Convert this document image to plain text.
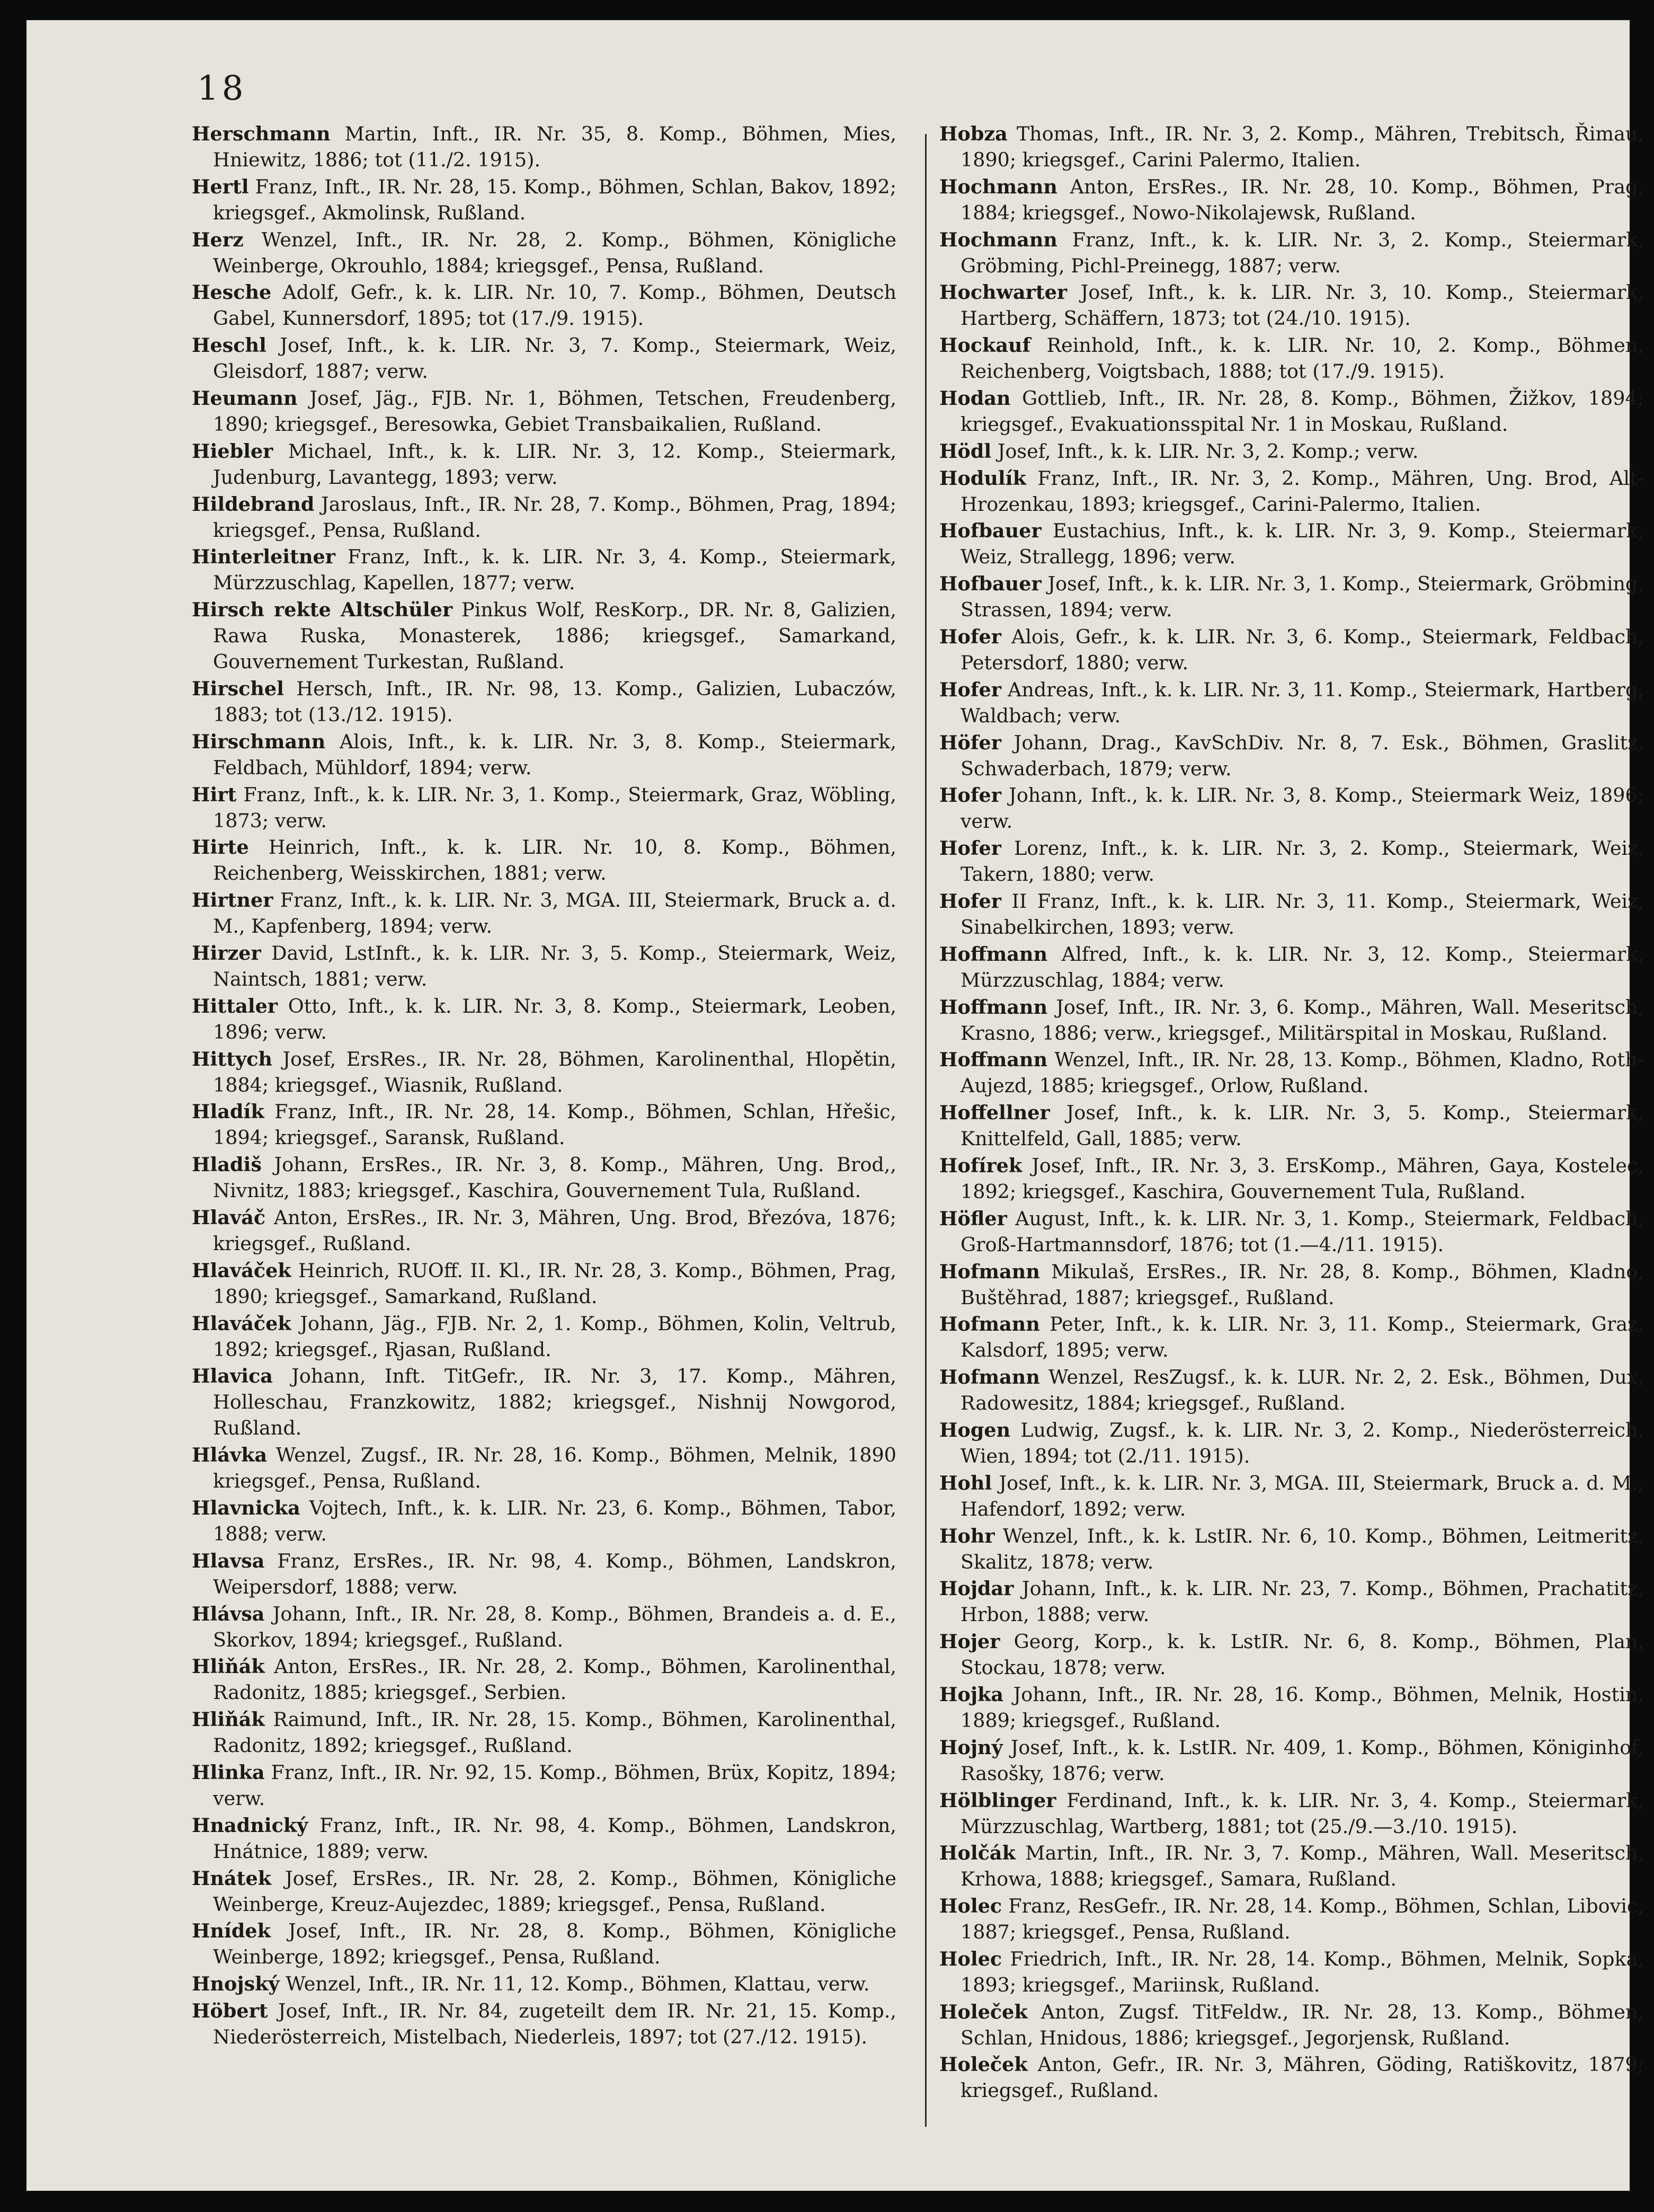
18

Herschmann Martin, Inft., IR. Nr. 35, 8. Komp., Böhmen, Mies, Hniewitz, 1886; tot (11./2. 1915).

Hertl Franz, Inft., IR. Nr. 28, 15. Komp., Böhmen, Schlan, Bakov, 1892; kriegsgef., Akmolinsk, Rußland.

Herz Wenzel, Inft., IR. Nr. 28, 2. Komp., Böhmen, Königliche Weinberge, Okrouhlo, 1884; kriegsgef., Pensa, Rußland.

Hesche Adolf, Gefr., k. k. LIR. Nr. 10, 7. Komp., Böhmen, Deutsch Gabel, Kunnersdorf, 1895; tot (17./9. 1915).

Heschl Josef, Inft., k. k. LIR. Nr. 3, 7. Komp., Steiermark, Weiz, Gleisdorf, 1887; verw.

Heumann Josef, Jäg., FJB. Nr. 1, Böhmen, Tetschen, Freudenberg, 1890; kriegsgef., Beresowka, Gebiet Transbaikalien, Rußland.

Hiebler Michael, Inft., k. k. LIR. Nr. 3, 12. Komp., Steiermark, Judenburg, Lavantegg, 1893; verw.

Hildebrand Jaroslaus, Inft., IR. Nr. 28, 7. Komp., Böhmen, Prag, 1894; kriegsgef., Pensa, Rußland.

Hinterleitner Franz, Inft., k. k. LIR. Nr. 3, 4. Komp., Steiermark, Mürzzuschlag, Kapellen, 1877; verw.

Hirsch rekte Altschüler Pinkus Wolf, ResKorp., DR. Nr. 8, Galizien, Rawa Ruska, Monasterek, 1886; kriegsgef., Samarkand, Gouvernement Turkestan, Rußland.

Hirschel Hersch, Inft., IR. Nr. 98, 13. Komp., Galizien, Lubaczów, 1883; tot (13./12. 1915).

Hirschmann Alois, Inft., k. k. LIR. Nr. 3, 8. Komp., Steiermark, Feldbach, Mühldorf, 1894; verw.

Hirt Franz, Inft., k. k. LIR. Nr. 3, 1. Komp., Steiermark, Graz, Wöbling, 1873; verw.

Hirte Heinrich, Inft., k. k. LIR. Nr. 10, 8. Komp., Böhmen, Reichenberg, Weisskirchen, 1881; verw.

Hirtner Franz, Inft., k. k. LIR. Nr. 3, MGA. III, Steiermark, Bruck a. d. M., Kapfenberg, 1894; verw.

Hirzer David, LstInft., k. k. LIR. Nr. 3, 5. Komp., Steiermark, Weiz, Naintsch, 1881; verw.

Hittaler Otto, Inft., k. k. LIR. Nr. 3, 8. Komp., Steiermark, Leoben, 1896; verw.

Hittych Josef, ErsRes., IR. Nr. 28, Böhmen, Karolinenthal, Hlopětin, 1884; kriegsgef., Wiasnik, Rußland.

Hladík Franz, Inft., IR. Nr. 28, 14. Komp., Böhmen, Schlan, Hřešic, 1894; kriegsgef., Saransk, Rußland.

Hladiš Johann, ErsRes., IR. Nr. 3, 8. Komp., Mähren, Ung. Brod,, Nivnitz, 1883; kriegsgef., Kaschira, Gouvernement Tula, Rußland.

Hlaváč Anton, ErsRes., IR. Nr. 3, Mähren, Ung. Brod, Březóva, 1876; kriegsgef., Rußland.

Hlaváček Heinrich, RUOff. II. Kl., IR. Nr. 28, 3. Komp., Böhmen, Prag, 1890; kriegsgef., Samarkand, Rußland.

Hlaváček Johann, Jäg., FJB. Nr. 2, 1. Komp., Böhmen, Kolin, Veltrub, 1892; kriegsgef., Rjasan, Rußland.

Hlavica Johann, Inft. TitGefr., IR. Nr. 3, 17. Komp., Mähren, Holleschau, Franzkowitz, 1882; kriegsgef., Nishnij Nowgorod, Rußland.

Hlávka Wenzel, Zugsf., IR. Nr. 28, 16. Komp., Böhmen, Melnik, 1890 kriegsgef., Pensa, Rußland.

Hlavnicka Vojtech, Inft., k. k. LIR. Nr. 23, 6. Komp., Böhmen, Tabor, 1888; verw.

Hlavsa Franz, ErsRes., IR. Nr. 98, 4. Komp., Böhmen, Landskron, Weipersdorf, 1888; verw.

Hlávsa Johann, Inft., IR. Nr. 28, 8. Komp., Böhmen, Brandeis a. d. E., Skorkov, 1894; kriegsgef., Rußland.

Hliňák Anton, ErsRes., IR. Nr. 28, 2. Komp., Böhmen, Karolinenthal, Radonitz, 1885; kriegsgef., Serbien.

Hliňák Raimund, Inft., IR. Nr. 28, 15. Komp., Böhmen, Karolinenthal, Radonitz, 1892; kriegsgef., Rußland.

Hlinka Franz, Inft., IR. Nr. 92, 15. Komp., Böhmen, Brüx, Kopitz, 1894; verw.

Hnadnický Franz, Inft., IR. Nr. 98, 4. Komp., Böhmen, Landskron, Hnátnice, 1889; verw.

Hnátek Josef, ErsRes., IR. Nr. 28, 2. Komp., Böhmen, Königliche Weinberge, Kreuz-Aujezdec, 1889; kriegsgef., Pensa, Rußland.

Hnídek Josef, Inft., IR. Nr. 28, 8. Komp., Böhmen, Königliche Weinberge, 1892; kriegsgef., Pensa, Rußland.

Hnojský Wenzel, Inft., IR. Nr. 11, 12. Komp., Böhmen, Klattau, verw.

Höbert Josef, Inft., IR. Nr. 84, zugeteilt dem IR. Nr. 21, 15. Komp., Niederösterreich, Mistelbach, Niederleis, 1897; tot (27./12. 1915).

Hobza Thomas, Inft., IR. Nr. 3, 2. Komp., Mähren, Trebitsch, Řimau, 1890; kriegsgef., Carini Palermo, Italien.

Hochmann Anton, ErsRes., IR. Nr. 28, 10. Komp., Böhmen, Prag, 1884; kriegsgef., Nowo-Nikolajewsk, Rußland.

Hochmann Franz, Inft., k. k. LIR. Nr. 3, 2. Komp., Steiermark, Gröbming, Pichl-Preinegg, 1887; verw.

Hochwarter Josef, Inft., k. k. LIR. Nr. 3, 10. Komp., Steiermark, Hartberg, Schäffern, 1873; tot (24./10. 1915).

Hockauf Reinhold, Inft., k. k. LIR. Nr. 10, 2. Komp., Böhmen, Reichenberg, Voigtsbach, 1888; tot (17./9. 1915).

Hodan Gottlieb, Inft., IR. Nr. 28, 8. Komp., Böhmen, Žižkov, 1894; kriegsgef., Evakuationsspital Nr. 1 in Moskau, Rußland.

Hödl Josef, Inft., k. k. LIR. Nr. 3, 2. Komp.; verw.

Hodulík Franz, Inft., IR. Nr. 3, 2. Komp., Mähren, Ung. Brod, Alt-Hrozenkau, 1893; kriegsgef., Carini-Palermo, Italien.

Hofbauer Eustachius, Inft., k. k. LIR. Nr. 3, 9. Komp., Steiermark, Weiz, Strallegg, 1896; verw.

Hofbauer Josef, Inft., k. k. LIR. Nr. 3, 1. Komp., Steiermark, Gröbming, Strassen, 1894; verw.

Hofer Alois, Gefr., k. k. LIR. Nr. 3, 6. Komp., Steiermark, Feldbach, Petersdorf, 1880; verw.

Hofer Andreas, Inft., k. k. LIR. Nr. 3, 11. Komp., Steiermark, Hartberg, Waldbach; verw.

Höfer Johann, Drag., KavSchDiv. Nr. 8, 7. Esk., Böhmen, Graslitz, Schwaderbach, 1879; verw.

Hofer Johann, Inft., k. k. LIR. Nr. 3, 8. Komp., Steiermark Weiz, 1896; verw.

Hofer Lorenz, Inft., k. k. LIR. Nr. 3, 2. Komp., Steiermark, Weiz, Takern, 1880; verw.

Hofer II Franz, Inft., k. k. LIR. Nr. 3, 11. Komp., Steiermark, Weiz, Sinabelkirchen, 1893; verw.

Hoffmann Alfred, Inft., k. k. LIR. Nr. 3, 12. Komp., Steiermark, Mürzzuschlag, 1884; verw.

Hoffmann Josef, Inft., IR. Nr. 3, 6. Komp., Mähren, Wall. Meseritsch, Krasno, 1886; verw., kriegsgef., Militärspital in Moskau, Rußland.

Hoffmann Wenzel, Inft., IR. Nr. 28, 13. Komp., Böhmen, Kladno, Roth-Aujezd, 1885; kriegsgef., Orlow, Rußland.

Hoffellner Josef, Inft., k. k. LIR. Nr. 3, 5. Komp., Steiermark, Knittelfeld, Gall, 1885; verw.

Hofírek Josef, Inft., IR. Nr. 3, 3. ErsKomp., Mähren, Gaya, Kostelec, 1892; kriegsgef., Kaschira, Gouvernement Tula, Rußland.

Höfler August, Inft., k. k. LIR. Nr. 3, 1. Komp., Steiermark, Feldbach, Groß-Hartmannsdorf, 1876; tot (1.—4./11. 1915).

Hofmann Mikulaš, ErsRes., IR. Nr. 28, 8. Komp., Böhmen, Kladno, Buštěhrad, 1887; kriegsgef., Rußland.

Hofmann Peter, Inft., k. k. LIR. Nr. 3, 11. Komp., Steiermark, Graz, Kalsdorf, 1895; verw.

Hofmann Wenzel, ResZugsf., k. k. LUR. Nr. 2, 2. Esk., Böhmen, Dux, Radowesitz, 1884; kriegsgef., Rußland.

Hogen Ludwig, Zugsf., k. k. LIR. Nr. 3, 2. Komp., Niederösterreich, Wien, 1894; tot (2./11. 1915).

Hohl Josef, Inft., k. k. LIR. Nr. 3, MGA. III, Steiermark, Bruck a. d. M., Hafendorf, 1892; verw.

Hohr Wenzel, Inft., k. k. LstIR. Nr. 6, 10. Komp., Böhmen, Leitmeritz, Skalitz, 1878; verw.

Hojdar Johann, Inft., k. k. LIR. Nr. 23, 7. Komp., Böhmen, Prachatitz, Hrbon, 1888; verw.

Hojer Georg, Korp., k. k. LstIR. Nr. 6, 8. Komp., Böhmen, Plan, Stockau, 1878; verw.

Hojka Johann, Inft., IR. Nr. 28, 16. Komp., Böhmen, Melnik, Hostin, 1889; kriegsgef., Rußland.

Hojný Josef, Inft., k. k. LstIR. Nr. 409, 1. Komp., Böhmen, Königinhof, Rasošky, 1876; verw.

Hölblinger Ferdinand, Inft., k. k. LIR. Nr. 3, 4. Komp., Steiermark, Mürzzuschlag, Wartberg, 1881; tot (25./9.—3./10. 1915).

Holčák Martin, Inft., IR. Nr. 3, 7. Komp., Mähren, Wall. Meseritsch, Krhowa, 1888; kriegsgef., Samara, Rußland.

Holec Franz, ResGefr., IR. Nr. 28, 14. Komp., Böhmen, Schlan, Libovic, 1887; kriegsgef., Pensa, Rußland.

Holec Friedrich, Inft., IR. Nr. 28, 14. Komp., Böhmen, Melnik, Sopka, 1893; kriegsgef., Mariinsk, Rußland.

Holeček Anton, Zugsf. TitFeldw., IR. Nr. 28, 13. Komp., Böhmen, Schlan, Hnidous, 1886; kriegsgef., Jegorjensk, Rußland.

Holeček Anton, Gefr., IR. Nr. 3, Mähren, Göding, Ratiškovitz, 1879; kriegsgef., Rußland.
